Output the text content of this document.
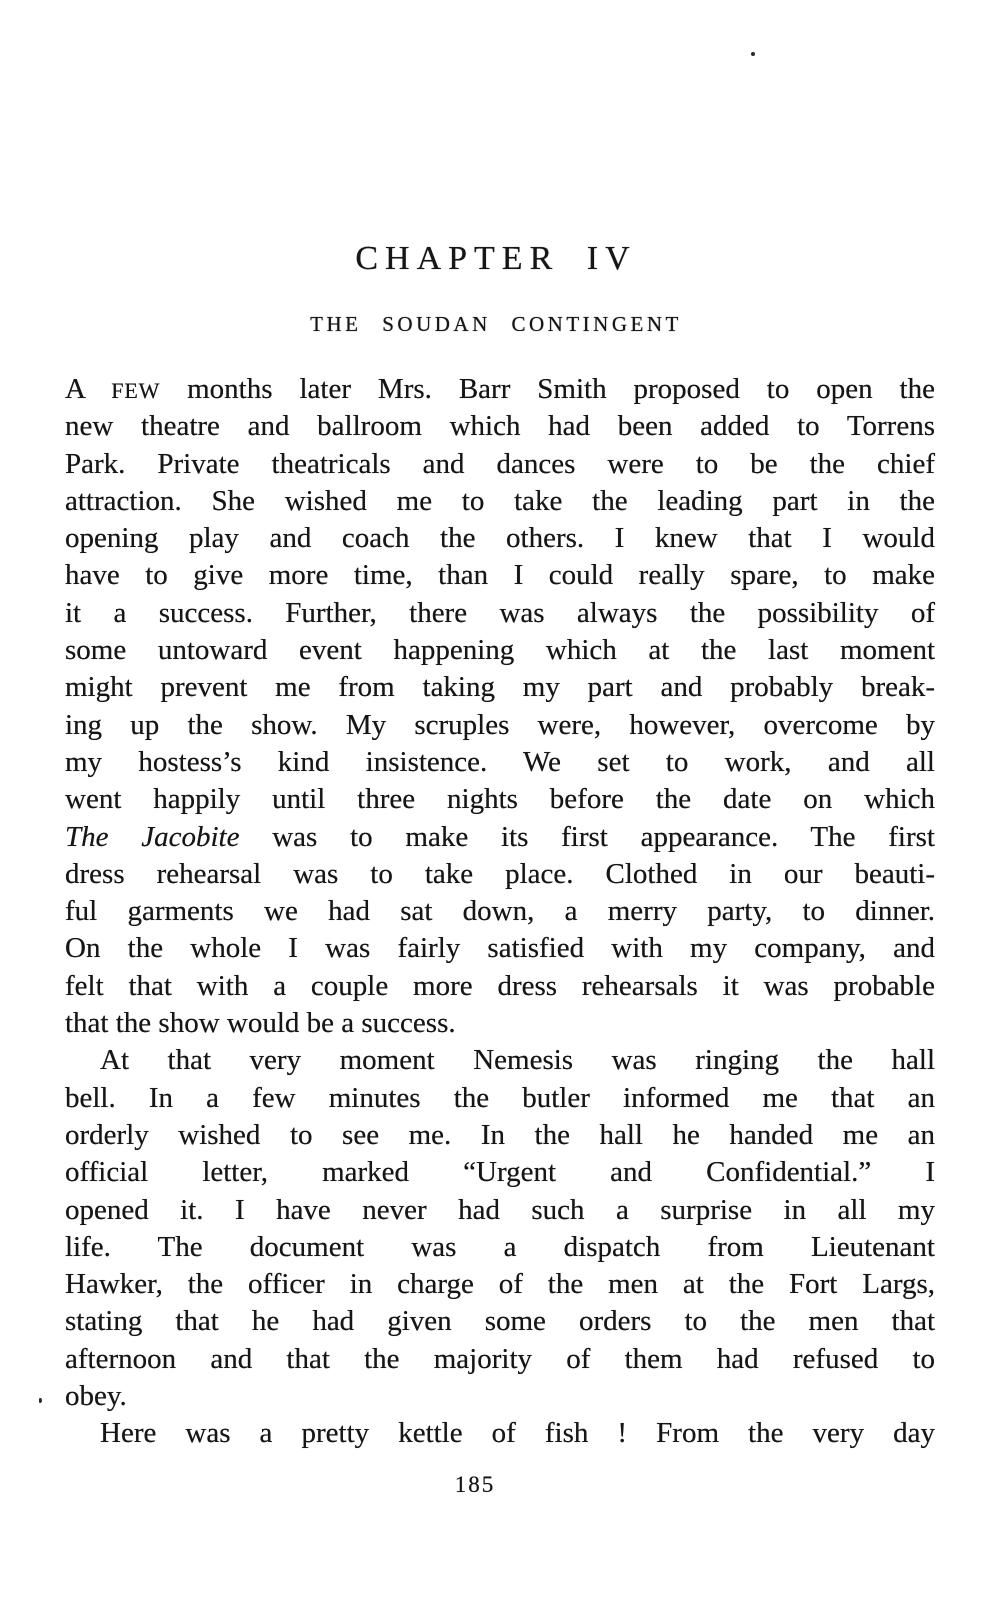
CHAPTER IV
THE SOUDAN CONTINGENT
A FEW months later Mrs. Barr Smith proposed to open the
new theatre and ballroom which had been added to Torrens
Park. Private theatricals and dances were to be the chief
attraction. She wished me to take the leading part in the
opening play and coach the others. I knew that I would
have to give more time, than I could really spare, to make
it a success. Further, there was always the possibility of
some untoward event happening which at the last moment
might prevent me from taking my part and probably break-
ing up the show. My scruples were, however, overcome by
my hostess’s kind insistence. We set to work, and all
went happily until three nights before the date on which
The Jacobite was to make its first appearance. The first
dress rehearsal was to take place. Clothed in our beauti-
ful garments we had sat down, a merry party, to dinner.
On the whole I was fairly satisfied with my company, and
felt that with a couple more dress rehearsals it was probable
that the show would be a success.
At that very moment Nemesis was ringing the hall
bell. In a few minutes the butler informed me that an
orderly wished to see me. In the hall he handed me an
official letter, marked “Urgent and Confidential.” I
opened it. I have never had such a surprise in all my
life. The document was a dispatch from Lieutenant
Hawker, the officer in charge of the men at the Fort Largs,
stating that he had given some orders to the men that
afternoon and that the majority of them had refused to
obey.
Here was a pretty kettle of fish ! From the very day
185
